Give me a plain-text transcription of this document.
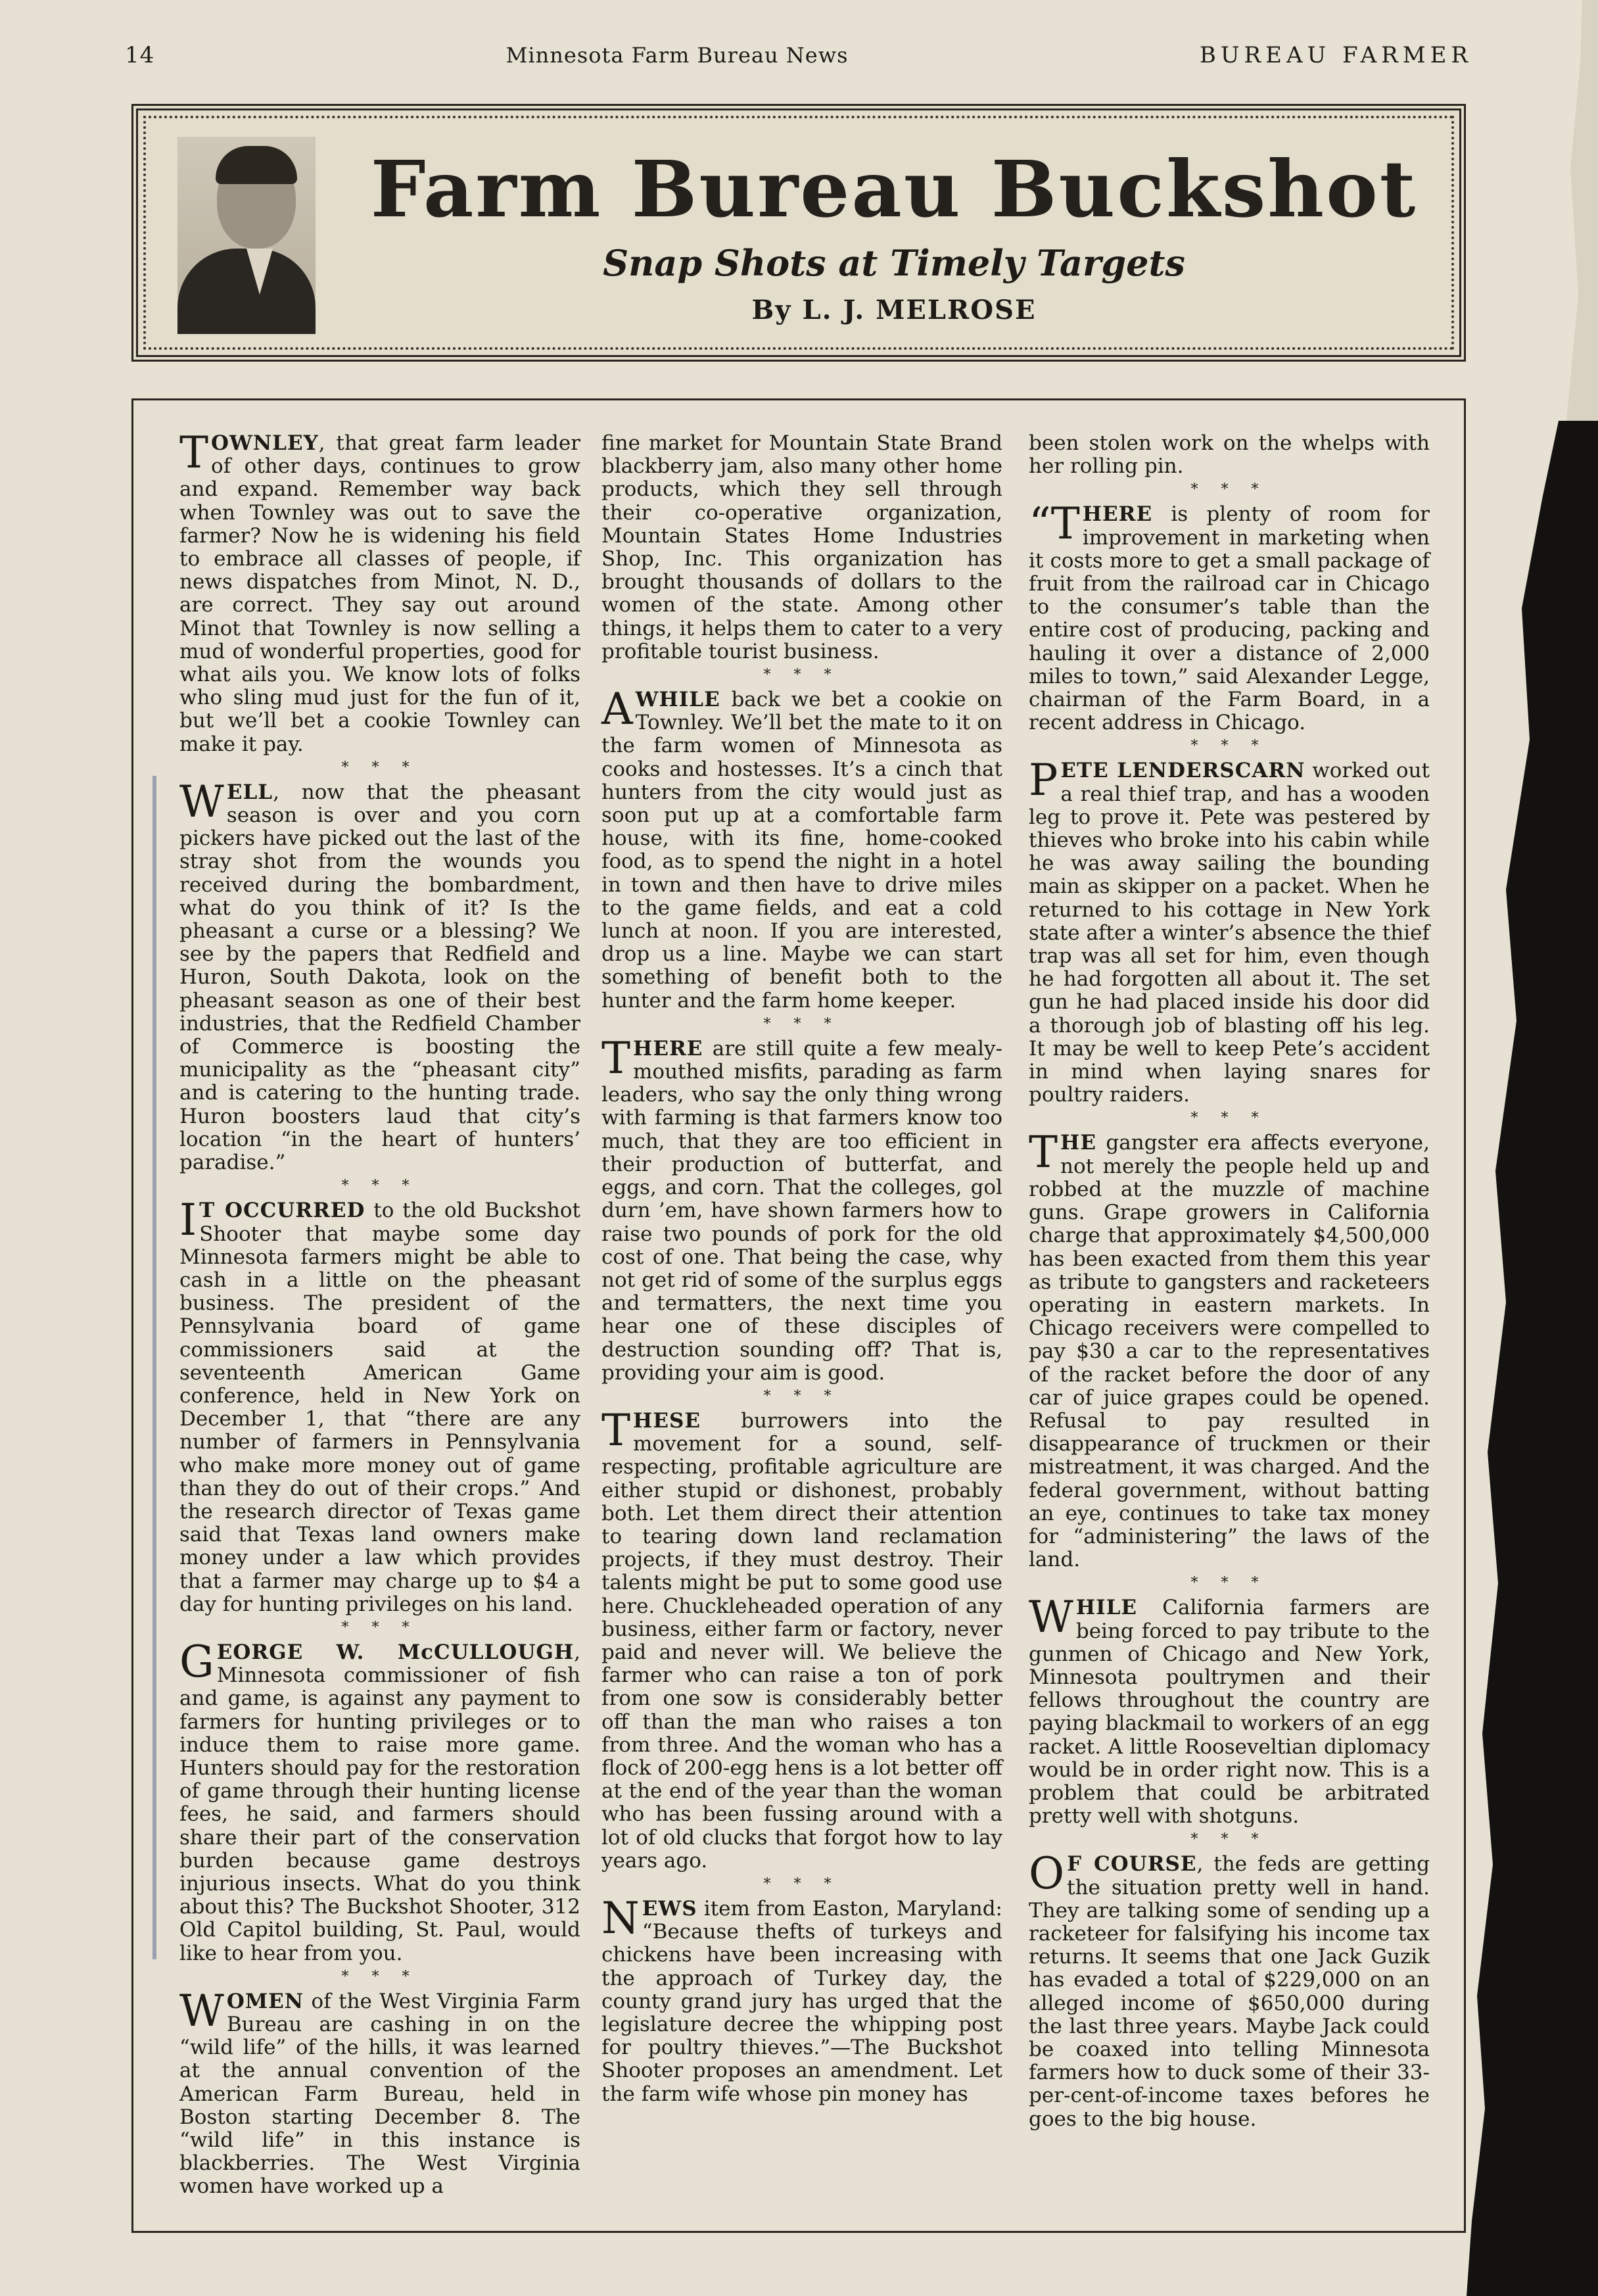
14	Minnesota Farm Bureau News	BUREAU FARMER
Farm Bureau Buckshot
Snap Shots at Timely Targets
By L. J. MELROSE

TOWNLEY, that great farm leader of other days, continues to grow and expand. Remember way back when Townley was out to save the farmer? Now he is widening his field to embrace all classes of people, if news dispatches from Minot, N. D., are correct. They say out around Minot that Townley is now selling a mud of wonderful properties, good for what ails you. We know lots of folks who sling mud just for the fun of it, but we’ll bet a cookie Townley can make it pay.

* * *

WELL, now that the pheasant season is over and you corn pickers have picked out the last of the stray shot from the wounds you received during the bombardment, what do you think of it? Is the pheasant a curse or a blessing? We see by the papers that Redfield and Huron, South Dakota, look on the pheasant season as one of their best industries, that the Redfield Chamber of Commerce is boosting the municipality as the “pheasant city” and is catering to the hunting trade. Huron boosters laud that city’s location “in the heart of hunters’ paradise.”

* * *

I T OCCURRED to the old Buckshot Shooter that maybe some day Minnesota farmers might be able to cash in a little on the pheasant business. The president of the Pennsylvania board of game commissioners said at the seventeenth American Game conference, held in New York on December 1, that “there are any number of farmers in Pennsylvania who make more money out of game than they do out of their crops.” And the research director of Texas game said that Texas land owners make money under a law which provides that a farmer may charge up to $4 a day for hunting privileges on his land.

* * *

GEORGE W. McCULLOUGH, Minnesota commissioner of fish and game, is against any payment to farmers for hunting privileges or to induce them to raise more game. Hunters should pay for the restoration of game through their hunting license fees, he said, and farmers should share their part of the conservation burden because game destroys injurious insects. What do you think about this? The Buckshot Shooter, 312 Old Capitol building, St. Paul, would like to hear from you.

* * *

WOMEN of the West Virginia Farm Bureau are cashing in on the “wild life” of the hills, it was learned at the annual convention of the American Farm Bureau, held in Boston starting December 8. The “wild life” in this instance is blackberries. The West Virginia women have worked up a

fine market for Mountain State Brand blackberry jam, also many other home products, which they sell through their co-operative organization, Mountain States Home Industries Shop, Inc. This organization has brought thousands of dollars to the women of the state. Among other things, it helps them to cater to a very profitable tourist business.

* * *

AWHILE back we bet a cookie on Townley. We’ll bet the mate to it on the farm women of Minnesota as cooks and hostesses. It’s a cinch that hunters from the city would just as soon put up at a comfortable farm house, with its fine, home-cooked food, as to spend the night in a hotel in town and then have to drive miles to the game fields, and eat a cold lunch at noon. If you are interested, drop us a line. Maybe we can start something of benefit both to the hunter and the farm home keeper.

* * *

THERE are still quite a few mealy-mouthed misfits, parading as farm leaders, who say the only thing wrong with farming is that farmers know too much, that they are too efficient in their production of butterfat, and eggs, and corn. That the colleges, gol durn ’em, have shown farmers how to raise two pounds of pork for the old cost of one. That being the case, why not get rid of some of the surplus eggs and termatters, the next time you hear one of these disciples of destruction sounding off? That is, providing your aim is good.

* * *

THESE burrowers into the movement for a sound, self-respecting, profitable agriculture are either stupid or dishonest, probably both. Let them direct their attention to tearing down land reclamation projects, if they must destroy. Their talents might be put to some good use here. Chuckleheaded operation of any business, either farm or factory, never paid and never will. We believe the farmer who can raise a ton of pork from one sow is considerably better off than the man who raises a ton from three. And the woman who has a flock of 200-egg hens is a lot better off at the end of the year than the woman who has been fussing around with a lot of old clucks that forgot how to lay years ago.

* * *

NEWS item from Easton, Maryland: “Because thefts of turkeys and chickens have been increasing with the approach of Turkey day, the county grand jury has urged that the legislature decree the whipping post for poultry thieves.”—The Buckshot Shooter proposes an amendment. Let the farm wife whose pin money has

been stolen work on the whelps with her rolling pin.

* * *

“THERE is plenty of room for improvement in marketing when it costs more to get a small package of fruit from the railroad car in Chicago to the consumer’s table than the entire cost of producing, packing and hauling it over a distance of 2,000 miles to town,” said Alexander Legge, chairman of the Farm Board, in a recent address in Chicago.

* * *

PETE LENDERSCARN worked out a real thief trap, and has a wooden leg to prove it. Pete was pestered by thieves who broke into his cabin while he was away sailing the bounding main as skipper on a packet. When he returned to his cottage in New York state after a winter’s absence the thief trap was all set for him, even though he had forgotten all about it. The set gun he had placed inside his door did a thorough job of blasting off his leg. It may be well to keep Pete’s accident in mind when laying snares for poultry raiders.

* * *

THE gangster era affects everyone, not merely the people held up and robbed at the muzzle of machine guns. Grape growers in California charge that approximately $4,500,000 has been exacted from them this year as tribute to gangsters and racketeers operating in eastern markets. In Chicago receivers were compelled to pay $30 a car to the representatives of the racket before the door of any car of juice grapes could be opened. Refusal to pay resulted in disappearance of truckmen or their mistreatment, it was charged. And the federal government, without batting an eye, continues to take tax money for “administering” the laws of the land.

* * *

WHILE California farmers are being forced to pay tribute to the gunmen of Chicago and New York, Minnesota poultrymen and their fellows throughout the country are paying blackmail to workers of an egg racket. A little Rooseveltian diplomacy would be in order right now. This is a problem that could be arbitrated pretty well with shotguns.

* * *

O F COURSE, the feds are getting the situation pretty well in hand. They are talking some of sending up a racketeer for falsifying his income tax returns. It seems that one Jack Guzik has evaded a total of $229,000 on an alleged income of $650,000 during the last three years. Maybe Jack could be coaxed into telling Minnesota farmers how to duck some of their 33-per-cent-of-income taxes befores he goes to the big house.
